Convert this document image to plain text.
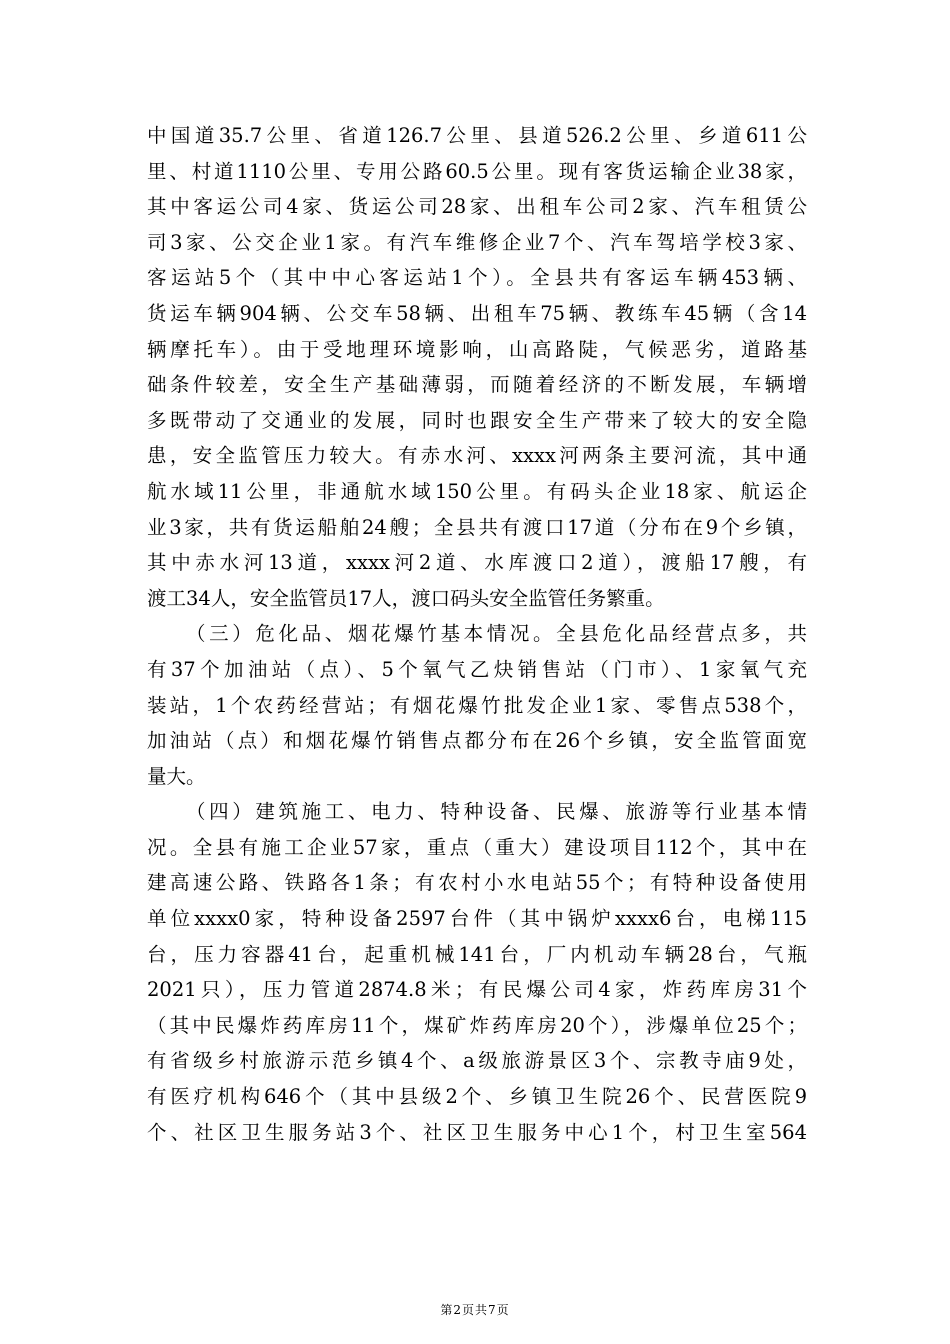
中国道35.7公里、省道126.7公里、县道526.2公里、乡道611公
里、村道1110公里、专用公路60.5公里。现有客货运输企业38家，
其中客运公司4家、货运公司28家、出租车公司2家、汽车租赁公
司3家、公交企业1家。有汽车维修企业7个、汽车驾培学校3家、
客运站5个（其中中心客运站1个）。全县共有客运车辆453辆、
货运车辆904辆、公交车58辆、出租车75辆、教练车45辆（含14
辆摩托车）。由于受地理环境影响，山高路陡，气候恶劣，道路基
础条件较差，安全生产基础薄弱，而随着经济的不断发展，车辆增
多既带动了交通业的发展，同时也跟安全生产带来了较大的安全隐
患，安全监管压力较大。有赤水河、xxxx河两条主要河流，其中通
航水域11公里，非通航水域150公里。有码头企业18家、航运企
业3家，共有货运船舶24艘；全县共有渡口17道（分布在9个乡镇，
其中赤水河13道，xxxx河2道、水库渡口2道），渡船17艘，有
渡工34人，安全监管员17人，渡口码头安全监管任务繁重。
（三）危化品、烟花爆竹基本情况。全县危化品经营点多，共
有37个加油站（点）、5个氧气乙炔销售站（门市）、1家氧气充
装站，1个农药经营站；有烟花爆竹批发企业1家、零售点538个，
加油站（点）和烟花爆竹销售点都分布在26个乡镇，安全监管面宽
量大。
（四）建筑施工、电力、特种设备、民爆、旅游等行业基本情
况。全县有施工企业57家，重点（重大）建设项目112个，其中在
建高速公路、铁路各1条；有农村小水电站55个；有特种设备使用
单位xxxx0家，特种设备2597台件（其中锅炉xxxx6台，电梯115
台，压力容器41台，起重机械141台，厂内机动车辆28台，气瓶
2021只），压力管道2874.8米；有民爆公司4家，炸药库房31个
（其中民爆炸药库房11个，煤矿炸药库房20个），涉爆单位25个；
有省级乡村旅游示范乡镇4个、a级旅游景区3个、宗教寺庙9处，
有医疗机构646个（其中县级2个、乡镇卫生院26个、民营医院9
个、社区卫生服务站3个、社区卫生服务中心1个，村卫生室564
第2页共7页
